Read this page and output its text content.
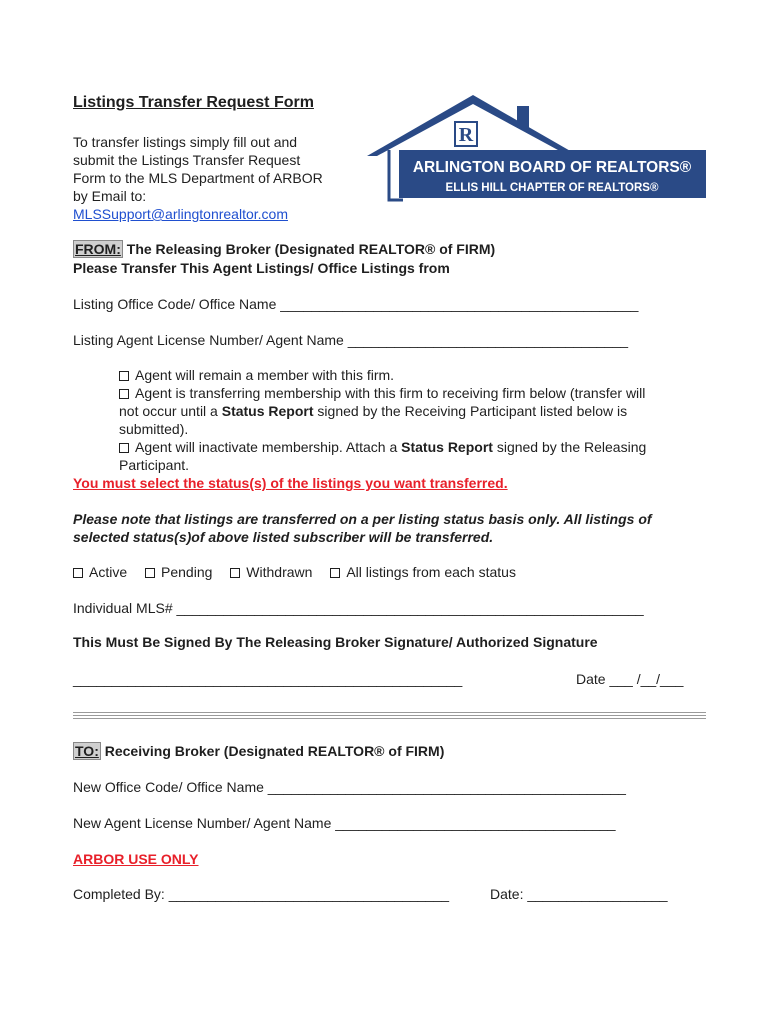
Listings Transfer Request Form
To transfer listings simply fill out and
submit the Listings Transfer Request
Form to the MLS Department of ARBOR
by Email to:
MLSSupport@arlingtonrealtor.com
R
ARLINGTON BOARD OF REALTORS®
ELLIS HILL CHAPTER OF REALTORS®
FROM: The Releasing Broker (Designated REALTOR® of FIRM)
Please Transfer This Agent Listings/ Office Listings from
Listing Office Code/ Office Name ______________________________________________
Listing Agent License Number/ Agent Name ____________________________________
Agent will remain a member with this firm.
Agent is transferring membership with this firm to receiving firm below (transfer will
not occur until a Status Report signed by the Receiving Participant listed below is
submitted).
Agent will inactivate membership. Attach a Status Report signed by the Releasing
Participant.
You must select the status(s) of the listings you want transferred.
Please note that listings are transferred on a per listing status basis only. All listings of
selected status(s)of above listed subscriber will be transferred.
Active Pending Withdrawn All listings from each status
Individual MLS# ____________________________________________________________
This Must Be Signed By The Releasing Broker Signature/ Authorized Signature
__________________________________________________	Date ___ /__/___
TO: Receiving Broker (Designated REALTOR® of FIRM)
New Office Code/ Office Name ______________________________________________
New Agent License Number/ Agent Name ____________________________________
ARBOR USE ONLY
Completed By: ____________________________________	Date: __________________
